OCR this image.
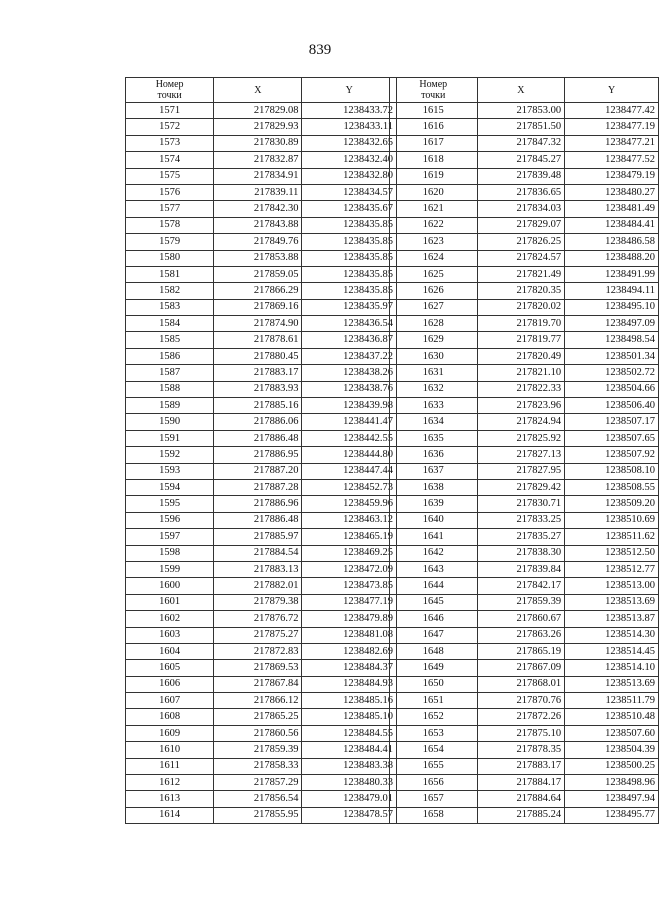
839
Номер
точки	X	Y
1571	217829.08	1238433.72
1572	217829.93	1238433.11
1573	217830.89	1238432.65
1574	217832.87	1238432.40
1575	217834.91	1238432.80
1576	217839.11	1238434.57
1577	217842.30	1238435.67
1578	217843.88	1238435.85
1579	217849.76	1238435.85
1580	217853.88	1238435.85
1581	217859.05	1238435.85
1582	217866.29	1238435.85
1583	217869.16	1238435.97
1584	217874.90	1238436.54
1585	217878.61	1238436.87
1586	217880.45	1238437.22
1587	217883.17	1238438.26
1588	217883.93	1238438.76
1589	217885.16	1238439.98
1590	217886.06	1238441.47
1591	217886.48	1238442.55
1592	217886.95	1238444.80
1593	217887.20	1238447.44
1594	217887.28	1238452.73
1595	217886.96	1238459.96
1596	217886.48	1238463.12
1597	217885.97	1238465.19
1598	217884.54	1238469.25
1599	217883.13	1238472.09
1600	217882.01	1238473.85
1601	217879.38	1238477.19
1602	217876.72	1238479.89
1603	217875.27	1238481.08
1604	217872.83	1238482.69
1605	217869.53	1238484.37
1606	217867.84	1238484.93
1607	217866.12	1238485.16
1608	217865.25	1238485.10
1609	217860.56	1238484.55
1610	217859.39	1238484.41
1611	217858.33	1238483.38
1612	217857.29	1238480.33
1613	217856.54	1238479.01
1614	217855.95	1238478.57
Номер
точки	X	Y
1615	217853.00	1238477.42
1616	217851.50	1238477.19
1617	217847.32	1238477.21
1618	217845.27	1238477.52
1619	217839.48	1238479.19
1620	217836.65	1238480.27
1621	217834.03	1238481.49
1622	217829.07	1238484.41
1623	217826.25	1238486.58
1624	217824.57	1238488.20
1625	217821.49	1238491.99
1626	217820.35	1238494.11
1627	217820.02	1238495.10
1628	217819.70	1238497.09
1629	217819.77	1238498.54
1630	217820.49	1238501.34
1631	217821.10	1238502.72
1632	217822.33	1238504.66
1633	217823.96	1238506.40
1634	217824.94	1238507.17
1635	217825.92	1238507.65
1636	217827.13	1238507.92
1637	217827.95	1238508.10
1638	217829.42	1238508.55
1639	217830.71	1238509.20
1640	217833.25	1238510.69
1641	217835.27	1238511.62
1642	217838.30	1238512.50
1643	217839.84	1238512.77
1644	217842.17	1238513.00
1645	217859.39	1238513.69
1646	217860.67	1238513.87
1647	217863.26	1238514.30
1648	217865.19	1238514.45
1649	217867.09	1238514.10
1650	217868.01	1238513.69
1651	217870.76	1238511.79
1652	217872.26	1238510.48
1653	217875.10	1238507.60
1654	217878.35	1238504.39
1655	217883.17	1238500.25
1656	217884.17	1238498.96
1657	217884.64	1238497.94
1658	217885.24	1238495.77
